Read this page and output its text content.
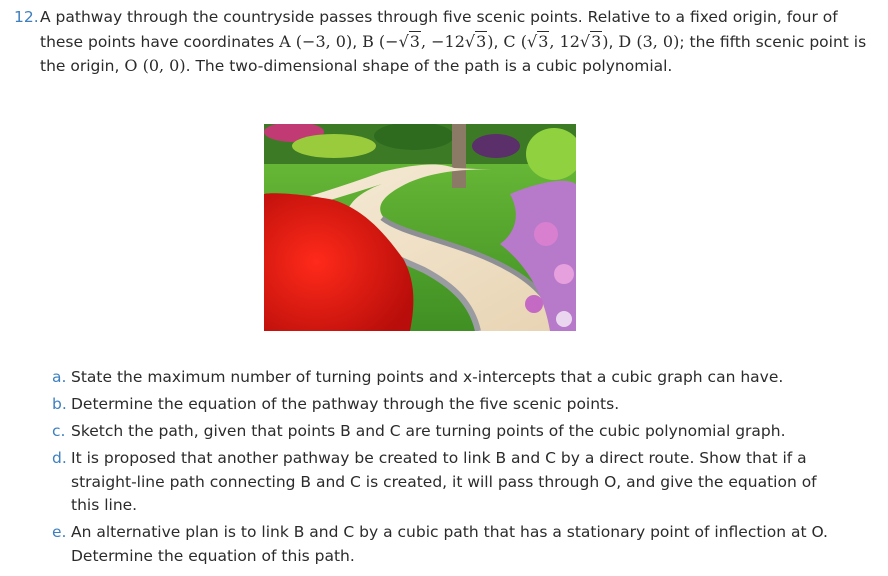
12. A pathway through the countryside passes through five scenic points. Relative to a fixed origin, four of these points have coordinates A (−3, 0), B (−√3, −12√3), C (√3, 12√3), D (3, 0); the fifth scenic point is the origin, O (0, 0). The two-dimensional shape of the path is a cubic polynomial.
a. State the maximum number of turning points and x-intercepts that a cubic graph can have.
b. Determine the equation of the pathway through the five scenic points.
c. Sketch the path, given that points B and C are turning points of the cubic polynomial graph.
d. It is proposed that another pathway be created to link B and C by a direct route. Show that if a straight-line path connecting B and C is created, it will pass through O, and give the equation of this line.
e. An alternative plan is to link B and C by a cubic path that has a stationary point of inflection at O. Determine the equation of this path.
